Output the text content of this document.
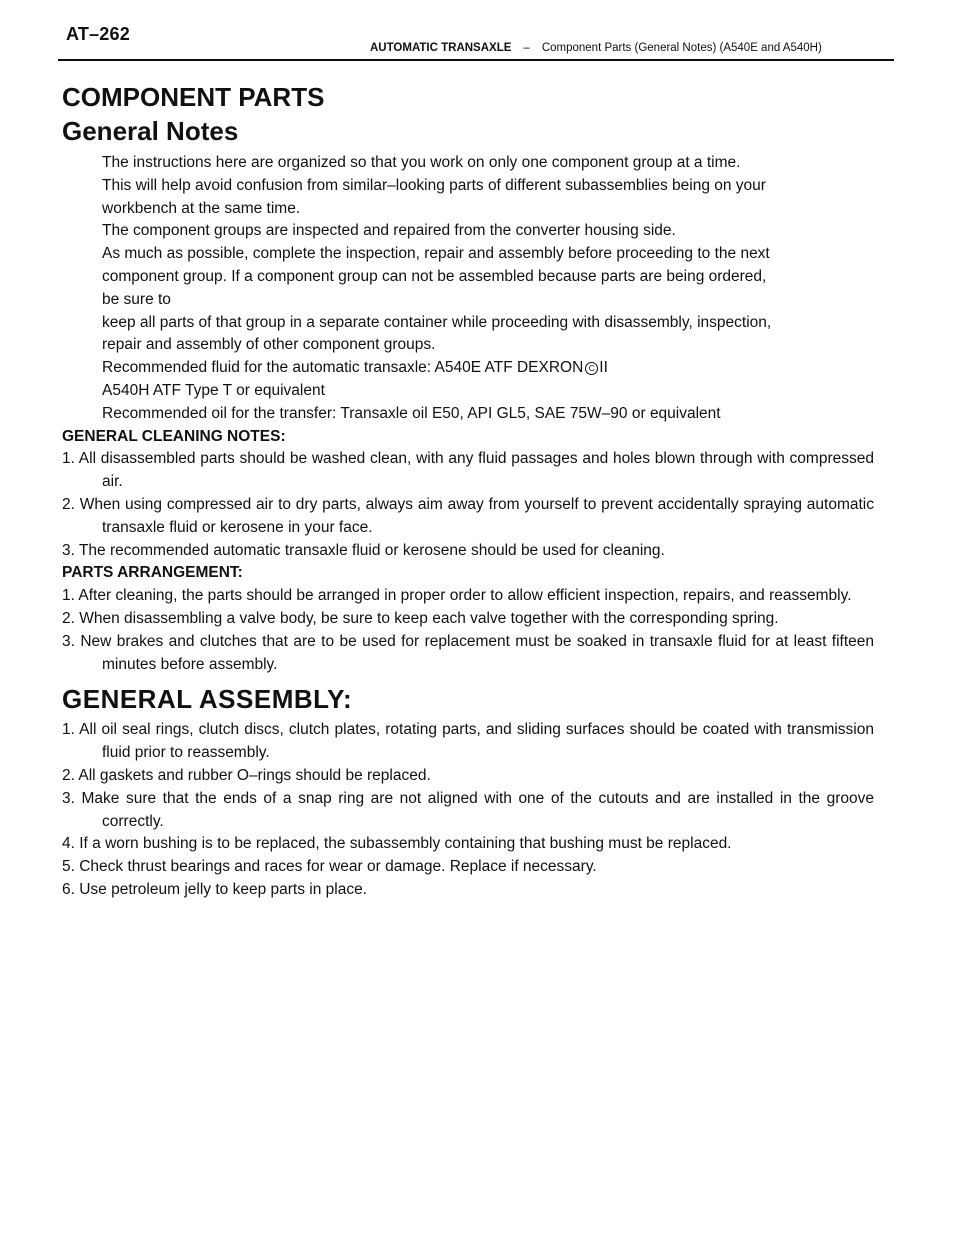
AT–262
AUTOMATIC TRANSAXLE – Component Parts (General Notes) (A540E and A540H)
COMPONENT PARTS
General Notes

The instructions here are organized so that you work on only one component group at a time.

This will help avoid confusion from similar–looking parts of different subassemblies being on your

workbench at the same time.

The component groups are inspected and repaired from the converter housing side.

As much as possible, complete the inspection, repair and assembly before proceeding to the next

component group. If a component group can not be assembled because parts are being ordered,

be sure to

keep all parts of that group in a separate container while proceeding with disassembly, inspection,

repair and assembly of other component groups.

Recommended fluid for the automatic transaxle: A540E ATF DEXRON C II

A540H ATF Type T or equivalent

Recommended oil for the transfer: Transaxle oil E50, API GL5, SAE 75W–90 or equivalent

GENERAL CLEANING NOTES:
1. All disassembled parts should be washed clean, with any fluid passages and holes blown through with compressed air.
2. When using compressed air to dry parts, always aim away from yourself to prevent accidentally spraying automatic transaxle fluid or kerosene in your face.
3. The recommended automatic transaxle fluid or kerosene should be used for cleaning.
PARTS ARRANGEMENT:
1. After cleaning, the parts should be arranged in proper order to allow efficient inspection, repairs, and reassembly.
2. When disassembling a valve body, be sure to keep each valve together with the corresponding spring.
3. New brakes and clutches that are to be used for replacement must be soaked in transaxle fluid for at least fifteen minutes before assembly.
GENERAL ASSEMBLY:
1. All oil seal rings, clutch discs, clutch plates, rotating parts, and sliding surfaces should be coated with transmission fluid prior to reassembly.
2. All gaskets and rubber O–rings should be replaced.
3. Make sure that the ends of a snap ring are not aligned with one of the cutouts and are installed in the groove correctly.
4. If a worn bushing is to be replaced, the subassembly containing that bushing must be replaced.
5. Check thrust bearings and races for wear or damage. Replace if necessary.
6. Use petroleum jelly to keep parts in place.
